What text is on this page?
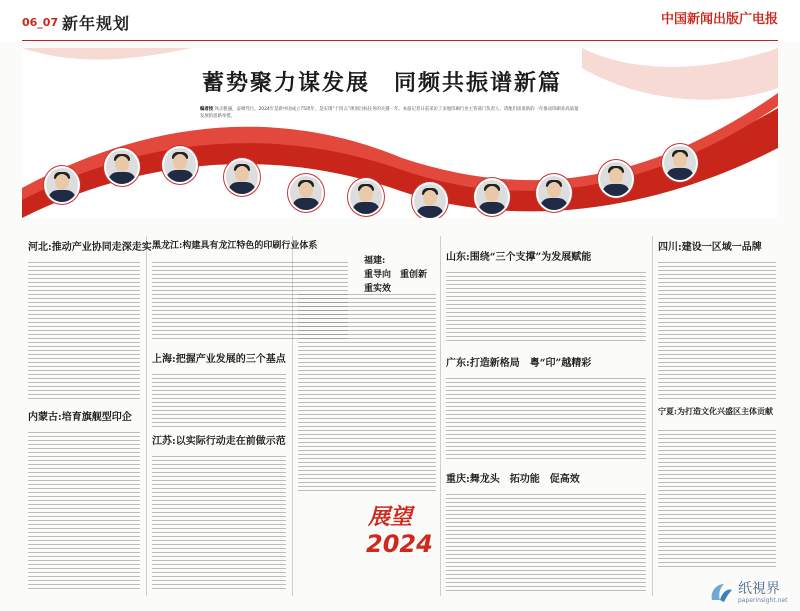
06_07 新年规划	中国新闻出版广电报
蓄势聚力谋发展　同频共振谱新篇
编者按 风正帆悬，奋楫笃行。2024年是新中国成立75周年，是实现“十四五”规划目标任务的关键一年。本报记者日前采访了多地印刷行业主管部门负责人，请他们谈谈新的一年推动印刷业高质量发展的思路举措。
河北:推动产业协同走深走实
内蒙古:培育旗舰型印企
黑龙江:构建具有龙江特色的印刷行业体系
上海:把握产业发展的三个基点
江苏:以实际行动走在前做示范
福建:
重导向　重创新　重实效
山东:围绕“三个支撑”为发展赋能
广东:打造新格局　粤“印”越精彩
重庆:舞龙头　拓功能　促高效
四川:建设一区域一品牌
宁夏:为打造文化兴盛区主体贡献
展望
2024
纸視界
paperinsight.net
